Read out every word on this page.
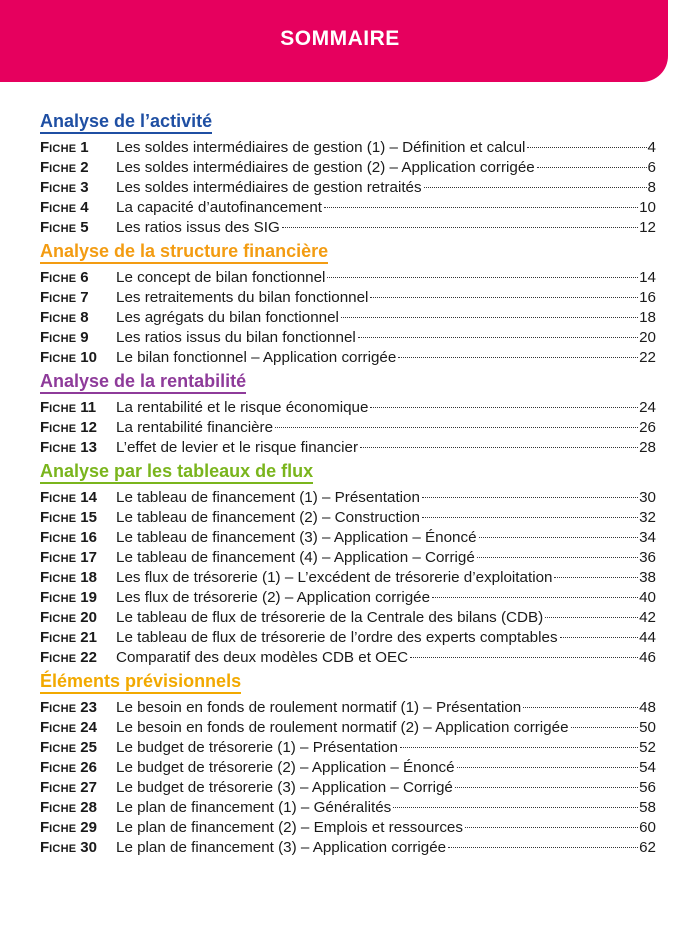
SOMMAIRE
Analyse de l’activité
FICHE 1	Les soldes intermédiaires de gestion (1) – Définition et calcul	4
FICHE 2	Les soldes intermédiaires de gestion (2) – Application corrigée	6
FICHE 3	Les soldes intermédiaires de gestion retraités	8
FICHE 4	La capacité d’autofinancement	10
FICHE 5	Les ratios issus des SIG	12
Analyse de la structure financière
FICHE 6	Le concept de bilan fonctionnel	14
FICHE 7	Les retraitements du bilan fonctionnel	16
FICHE 8	Les agrégats du bilan fonctionnel	18
FICHE 9	Les ratios issus du bilan fonctionnel	20
FICHE 10	Le bilan fonctionnel – Application corrigée	22
Analyse de la rentabilité
FICHE 11	La rentabilité et le risque économique	24
FICHE 12	La rentabilité financière	26
FICHE 13	L’effet de levier et le risque financier	28
Analyse par les tableaux de flux
FICHE 14	Le tableau de financement (1) – Présentation	30
FICHE 15	Le tableau de financement (2) – Construction	32
FICHE 16	Le tableau de financement (3) – Application – Énoncé	34
FICHE 17	Le tableau de financement (4) – Application – Corrigé	36
FICHE 18	Les flux de trésorerie (1) – L’excédent de trésorerie d’exploitation	38
FICHE 19	Les flux de trésorerie (2) – Application corrigée	40
FICHE 20	Le tableau de flux de trésorerie de la Centrale des bilans (CDB)	42
FICHE 21	Le tableau de flux de trésorerie de l’ordre des experts comptables	44
FICHE 22	Comparatif des deux modèles CDB et OEC	46
Éléments prévisionnels
FICHE 23	Le besoin en fonds de roulement normatif (1) – Présentation	48
FICHE 24	Le besoin en fonds de roulement normatif (2) – Application corrigée	50
FICHE 25	Le budget de trésorerie (1) – Présentation	52
FICHE 26	Le budget de trésorerie (2) – Application – Énoncé	54
FICHE 27	Le budget de trésorerie (3) – Application – Corrigé	56
FICHE 28	Le plan de financement (1) – Généralités	58
FICHE 29	Le plan de financement (2) – Emplois et ressources	60
FICHE 30	Le plan de financement (3) – Application corrigée	62
